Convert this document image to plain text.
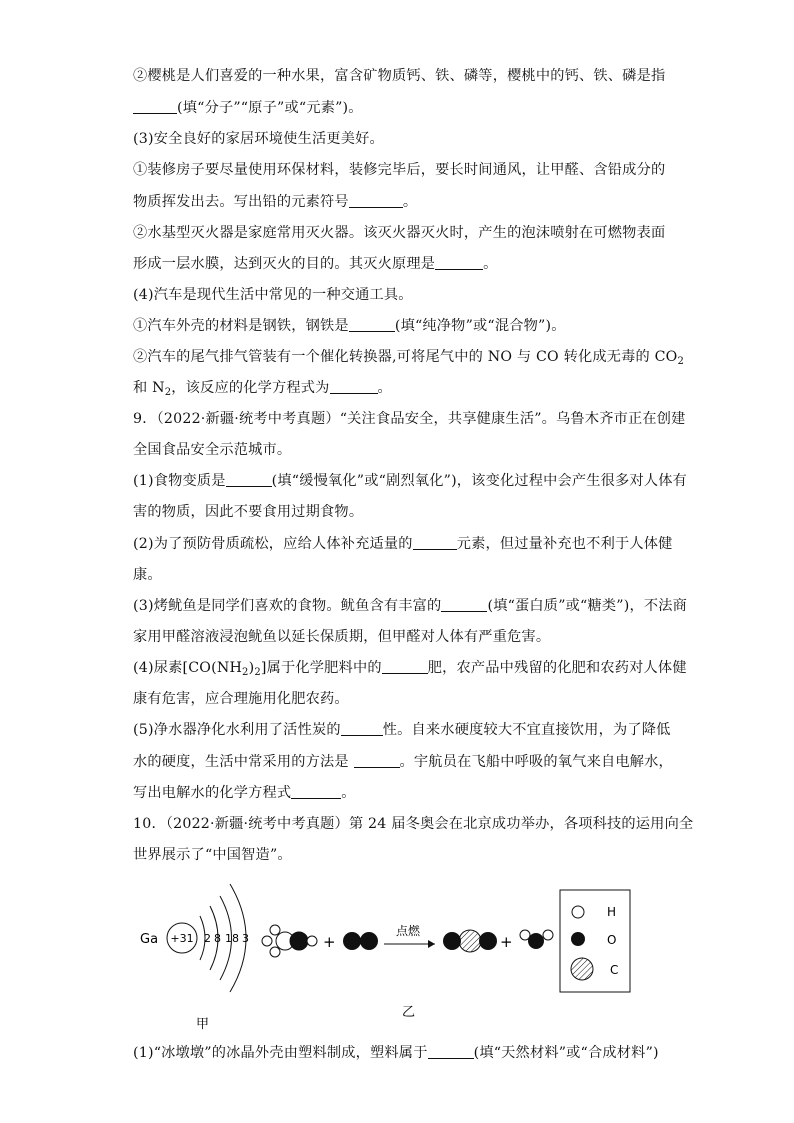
②樱桃是人们喜爱的一种水果，富含矿物质钙、铁、磷等，樱桃中的钙、铁、磷是指
(填“分子”“原子”或“元素”)。
(3)安全良好的家居环境使生活更美好。
①装修房子要尽量使用环保材料，装修完毕后，要长时间通风，让甲醛、含铅成分的
物质挥发出去。写出铅的元素符号	。
②水基型灭火器是家庭常用灭火器。该灭火器灭火时，产生的泡沫喷射在可燃物表面
形成一层水膜，达到灭火的目的。其灭火原理是	。
(4)汽车是现代生活中常见的一种交通工具。
①汽车外壳的材料是钢铁，钢铁是	(填“纯净物”或“混合物”)。
②汽车的尾气排气管装有一个催化转换器,可将尾气中的 NO 与 CO 转化成无毒的 $CO_2$
和 $N_2$，该反应的化学方程式为	。
9．（2022·新疆·统考中考真题）“关注食品安全，共享健康生活”。乌鲁木齐市正在创建
全国食品安全示范城市。
(1)食物变质是	(填“缓慢氧化”或“剧烈氧化”)，该变化过程中会产生很多对人体有
害的物质，因此不要食用过期食物。
(2)为了预防骨质疏松，应给人体补充适量的	元素，但过量补充也不利于人体健
康。
(3)烤鱿鱼是同学们喜欢的食物。鱿鱼含有丰富的	(填“蛋白质”或“糖类”)，不法商
家用甲醛溶液浸泡鱿鱼以延长保质期，但甲醛对人体有严重危害。
(4)尿素$[CO(NH_2)_2]$属于化学肥料中的	肥，农产品中残留的化肥和农药对人体健
康有危害，应合理施用化肥农药。
(5)净水器净化水利用了活性炭的	性。自来水硬度较大不宜直接饮用，为了降低
水的硬度，生活中常采用的方法是	。宇航员在飞船中呼吸的氧气来自电解水，
写出电解水的化学方程式	。
10．（2022·新疆·统考中考真题）第 24 届冬奥会在北京成功举办，各项科技的运用向全
世界展示了“中国智造”。
Ga +31 2 8 18 3
甲
+
点燃
+
乙
H
O
C
(1)“冰墩墩”的冰晶外壳由塑料制成，塑料属于	(填“天然材料”或“合成材料”)
